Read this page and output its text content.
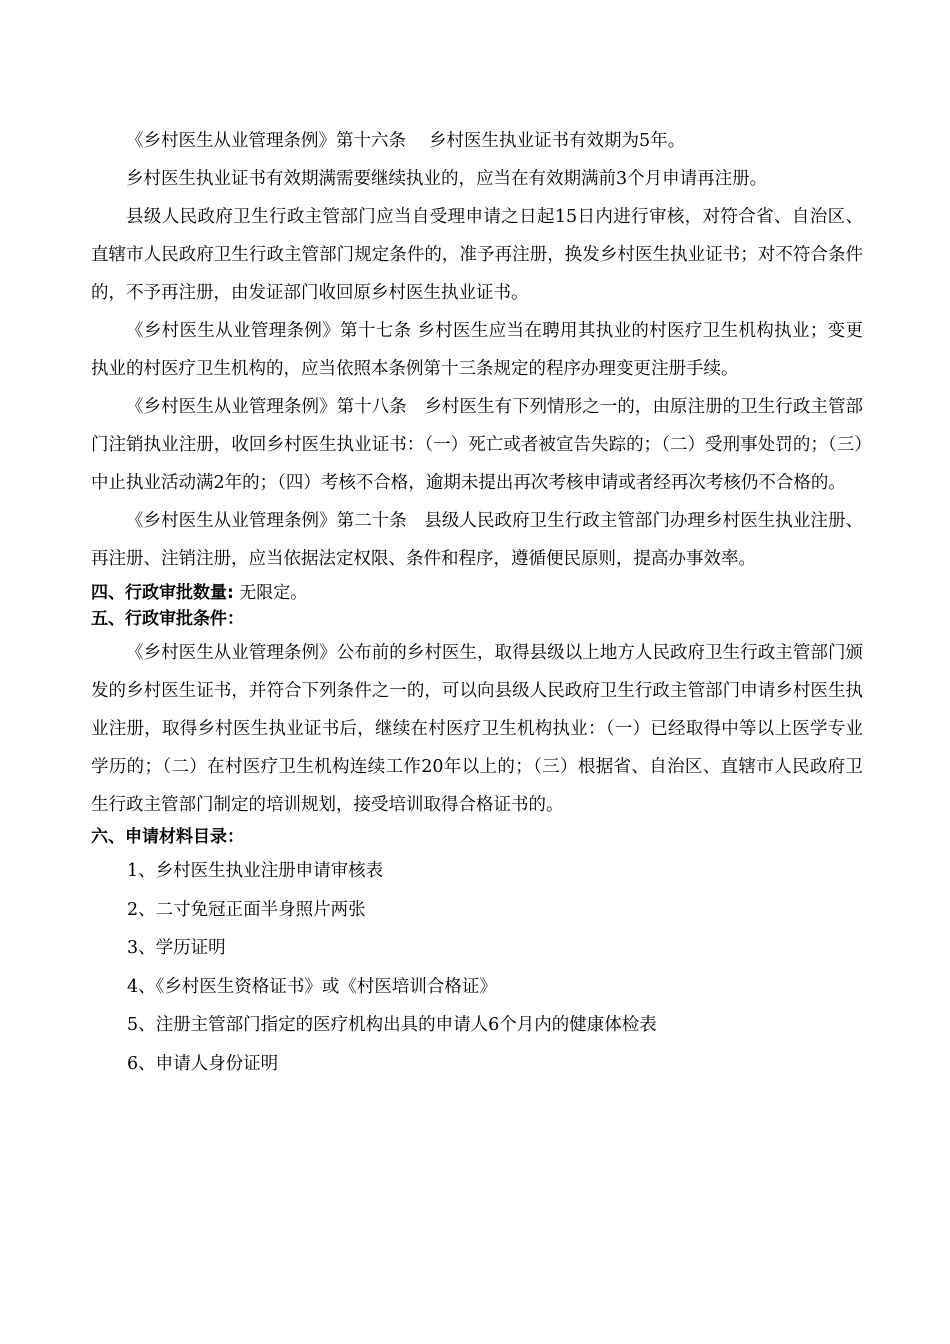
《乡村医生从业管理条例》第十六条　 乡村医生执业证书有效期为5年。

乡村医生执业证书有效期满需要继续执业的，应当在有效期满前3个月申请再注册。

县级人民政府卫生行政主管部门应当自受理申请之日起15日内进行审核，对符合省、自治区、直辖市人民政府卫生行政主管部门规定条件的，准予再注册，换发乡村医生执业证书；对不符合条件的，不予再注册，由发证部门收回原乡村医生执业证书。

《乡村医生从业管理条例》第十七条 乡村医生应当在聘用其执业的村医疗卫生机构执业；变更执业的村医疗卫生机构的，应当依照本条例第十三条规定的程序办理变更注册手续。

《乡村医生从业管理条例》第十八条　乡村医生有下列情形之一的，由原注册的卫生行政主管部门注销执业注册，收回乡村医生执业证书：（一）死亡或者被宣告失踪的；（二）受刑事处罚的；（三）中止执业活动满2年的；（四）考核不合格，逾期未提出再次考核申请或者经再次考核仍不合格的。

《乡村医生从业管理条例》第二十条　县级人民政府卫生行政主管部门办理乡村医生执业注册、再注册、注销注册，应当依据法定权限、条件和程序，遵循便民原则，提高办事效率。

四、行政审批数量: 无限定。

五、行政审批条件：

《乡村医生从业管理条例》公布前的乡村医生，取得县级以上地方人民政府卫生行政主管部门颁发的乡村医生证书，并符合下列条件之一的，可以向县级人民政府卫生行政主管部门申请乡村医生执业注册，取得乡村医生执业证书后，继续在村医疗卫生机构执业：（一）已经取得中等以上医学专业学历的；（二）在村医疗卫生机构连续工作20年以上的；（三）根据省、自治区、直辖市人民政府卫生行政主管部门制定的培训规划，接受培训取得合格证书的。

六、申请材料目录：

1、乡村医生执业注册申请审核表
2、二寸免冠正面半身照片两张
3、学历证明
4、《乡村医生资格证书》或《村医培训合格证》
5、注册主管部门指定的医疗机构出具的申请人6个月内的健康体检表
6、申请人身份证明
